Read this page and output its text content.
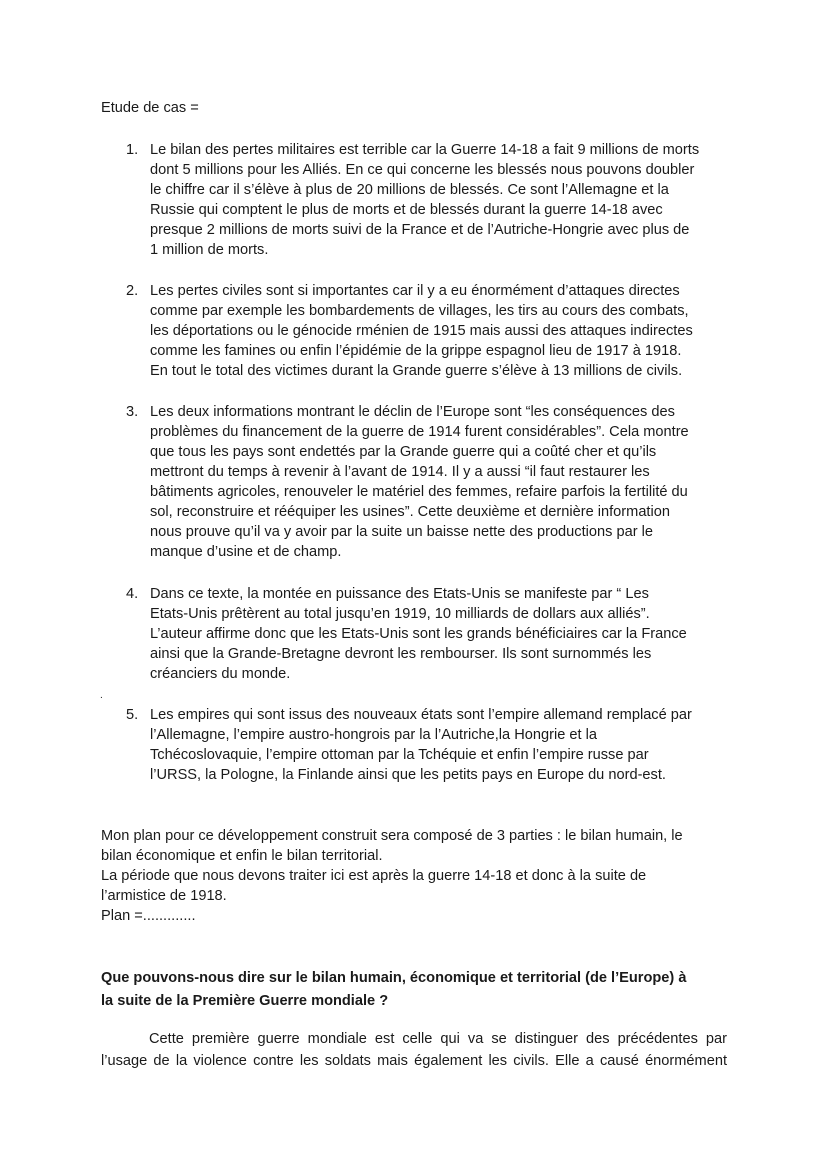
Etude de cas =
1. Le bilan des pertes militaires est terrible car la Guerre 14-18 a fait 9 millions de morts
dont 5 millions pour les Alliés. En ce qui concerne les blessés nous pouvons doubler
le chiffre car il s’élève à plus de 20 millions de blessés. Ce sont l’Allemagne et la
Russie qui comptent le plus de morts et de blessés durant la guerre 14-18 avec
presque 2 millions de morts suivi de la France et de l’Autriche-Hongrie avec plus de
1 million de morts.
2. Les pertes civiles sont si importantes car il y a eu énormément d’attaques directes
comme par exemple les bombardements de villages, les tirs au cours des combats,
les déportations ou le génocide rménien de 1915 mais aussi des attaques indirectes
comme les famines ou enfin l’épidémie de la grippe espagnol lieu de 1917 à 1918.
En tout le total des victimes durant la Grande guerre s’élève à 13 millions de civils.
3. Les deux informations montrant le déclin de l’Europe sont “les conséquences des
problèmes du financement de la guerre de 1914 furent considérables”. Cela montre
que tous les pays sont endettés par la Grande guerre qui a coûté cher et qu’ils
mettront du temps à revenir à l’avant de 1914. Il y a aussi “il faut restaurer les
bâtiments agricoles, renouveler le matériel des femmes, refaire parfois la fertilité du
sol, reconstruire et rééquiper les usines”. Cette deuxième et dernière information
nous prouve qu’il va y avoir par la suite un baisse nette des productions par le
manque d’usine et de champ.
4. Dans ce texte, la montée en puissance des Etats-Unis se manifeste par “ Les
Etats-Unis prêtèrent au total jusqu’en 1919, 10 milliards de dollars aux alliés”.
L’auteur affirme donc que les Etats-Unis sont les grands bénéficiaires car la France
ainsi que la Grande-Bretagne devront les rembourser. Ils sont surnommés les
créanciers du monde.
.
5. Les empires qui sont issus des nouveaux états sont l’empire allemand remplacé par
l’Allemagne, l’empire austro-hongrois par la l’Autriche,la Hongrie et la
Tchécoslovaquie, l’empire ottoman par la Tchéquie et enfin l’empire russe par
l’URSS, la Pologne, la Finlande ainsi que les petits pays en Europe du nord-est.
Mon plan pour ce développement construit sera composé de 3 parties : le bilan humain, le
bilan économique et enfin le bilan territorial.
La période que nous devons traiter ici est après la guerre 14-18 et donc à la suite de
l’armistice de 1918.
Plan =.............
Que pouvons-nous dire sur le bilan humain, économique et territorial (de l’Europe) à
la suite de la Première Guerre mondiale ?
Cette première guerre mondiale est celle qui va se distinguer des précédentes par
l’usage de la violence contre les soldats mais également les civils. Elle a causé énormément
